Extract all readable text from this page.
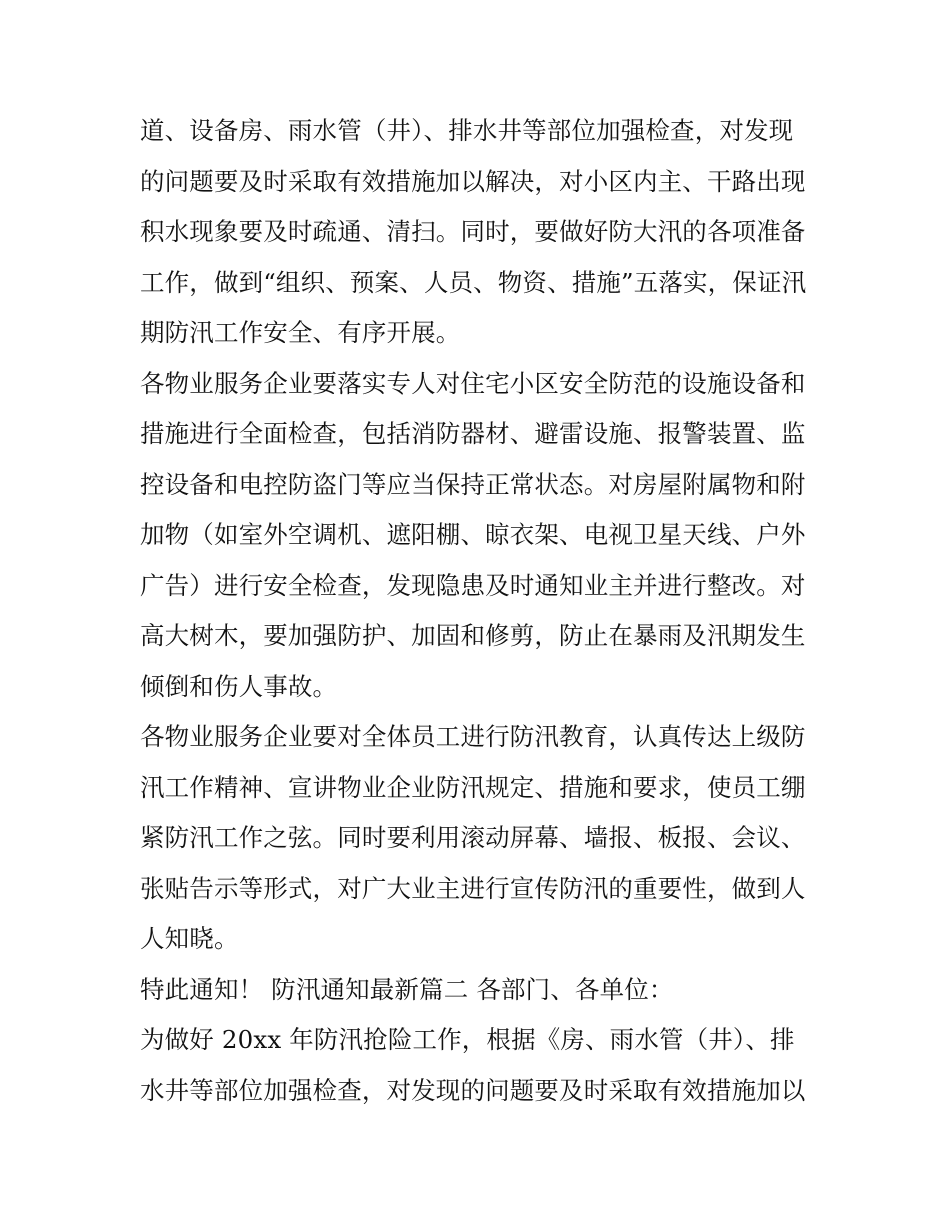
道、设备房、雨水管（井）、排水井等部位加强检查，对发现
的问题要及时采取有效措施加以解决，对小区内主、干路出现
积水现象要及时疏通、清扫。同时，要做好防大汛的各项准备
工作，做到“组织、预案、人员、物资、措施”五落实，保证汛
期防汛工作安全、有序开展。
各物业服务企业要落实专人对住宅小区安全防范的设施设备和
措施进行全面检查，包括消防器材、避雷设施、报警装置、监
控设备和电控防盗门等应当保持正常状态。对房屋附属物和附
加物（如室外空调机、遮阳棚、晾衣架、电视卫星天线、户外
广告）进行安全检查，发现隐患及时通知业主并进行整改。对
高大树木，要加强防护、加固和修剪，防止在暴雨及汛期发生
倾倒和伤人事故。
各物业服务企业要对全体员工进行防汛教育，认真传达上级防
汛工作精神、宣讲物业企业防汛规定、措施和要求，使员工绷
紧防汛工作之弦。同时要利用滚动屏幕、墙报、板报、会议、
张贴告示等形式，对广大业主进行宣传防汛的重要性，做到人
人知晓。
特此通知！ 防汛通知最新篇二 各部门、各单位：
为做好 20xx 年防汛抢险工作，根据《房、雨水管（井）、排
水井等部位加强检查，对发现的问题要及时采取有效措施加以
